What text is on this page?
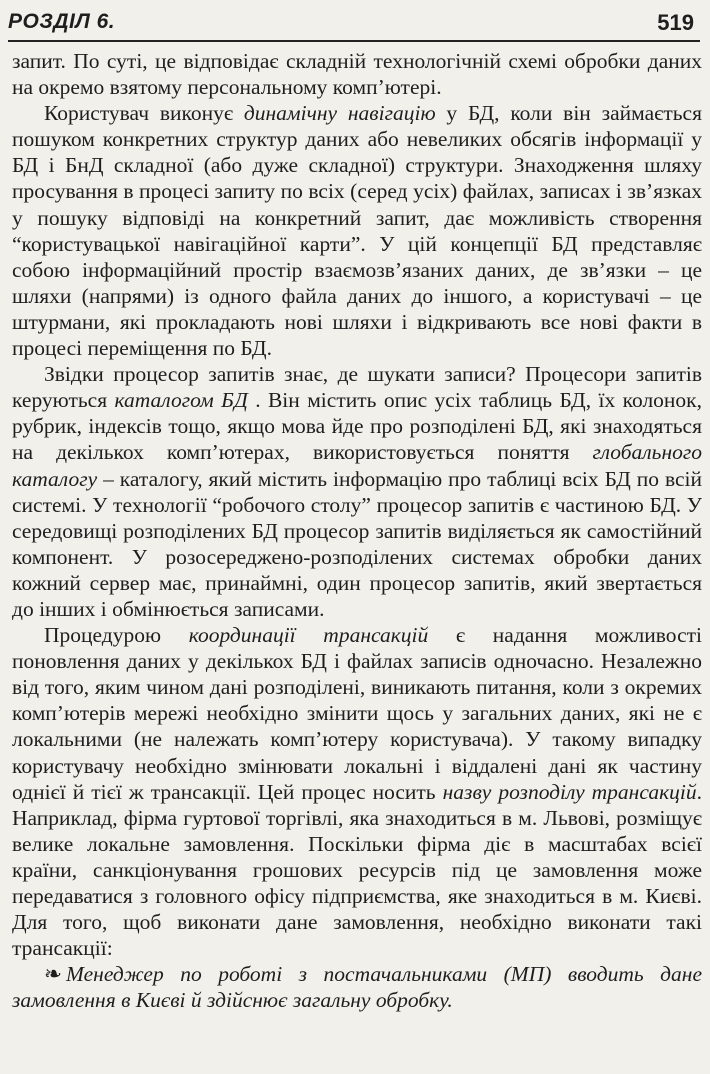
РОЗДІЛ 6.	519

запит. По суті, це відповідає складній технологічній схемі обробки даних на окремо взятому персональному комп’ютері.

Користувач виконує динамічну навігацію у БД, коли він займається пошуком конкретних структур даних або невеликих обсягів інформації у БД і БнД складної (або дуже складної) структури. Знаходження шляху просування в процесі запиту по всіх (серед усіх) файлах, записах і зв’язках у пошуку відповіді на конкретний запит, дає можливість створення “користувацької навігаційної карти”. У цій концепції БД представляє собою інформаційний простір взаємозв’язаних даних, де зв’язки – це шляхи (напрями) із одного файла даних до іншого, а користувачі – це штурмани, які прокладають нові шляхи і відкривають все нові факти в процесі переміщення по БД.

Звідки процесор запитів знає, де шукати записи? Процесори запитів керуються каталогом БД . Він містить опис усіх таблиць БД, їх колонок, рубрик, індексів тощо, якщо мова йде про розподілені БД, які знаходяться на декількох комп’ютерах, використовується поняття глобального каталогу – каталогу, який містить інформацію про таблиці всіх БД по всій системі. У технології “робочого столу” процесор запитів є частиною БД. У середовищі розподілених БД процесор запитів виділяється як самостійний компонент. У розосереджено-розподілених системах обробки даних кожний сервер має, принаймні, один процесор запитів, який звертається до інших і обмінюється записами.

Процедурою координації трансакцій є надання можливості поновлення даних у декількох БД і файлах записів одночасно. Незалежно від того, яким чином дані розподілені, виникають питання, коли з окремих комп’ютерів мережі необхідно змінити щось у загальних даних, які не є локальними (не належать комп’ютеру користувача). У такому випадку користувачу необхідно змінювати локальні і віддалені дані як частину однієї й тієї ж трансакції. Цей процес носить назву розподілу трансакцій. Наприклад, фірма гуртової торгівлі, яка знаходиться в м. Львові, розміщує велике локальне замовлення. Поскільки фірма діє в масштабах всієї країни, санкціонування грошових ресурсів під це замовлення може передаватися з головного офісу підприємства, яке знаходиться в м. Києві. Для того, щоб виконати дане замовлення, необхідно виконати такі трансакції:

❧ Менеджер по роботі з постачальниками (МП) вводить дане замовлення в Києві й здійснює загальну обробку.
